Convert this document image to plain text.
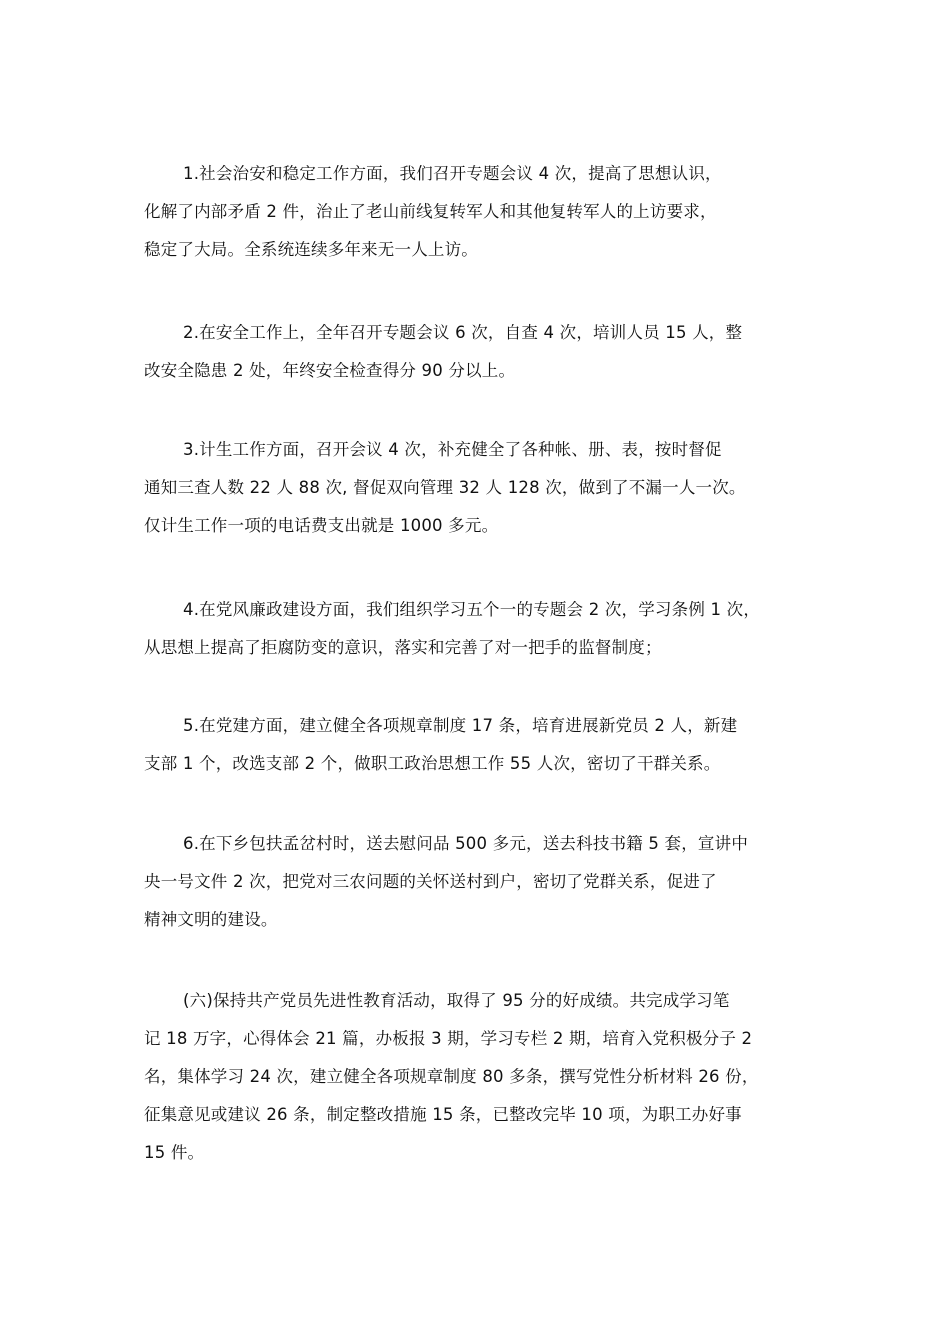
1.社会治安和稳定工作方面，我们召开专题会议 4 次，提高了思想认识，
化解了内部矛盾 2 件，治止了老山前线复转军人和其他复转军人的上访要求，
稳定了大局。全系统连续多年来无一人上访。
2.在安全工作上，全年召开专题会议 6 次，自查 4 次，培训人员 15 人，整
改安全隐患 2 处，年终安全检查得分 90 分以上。
3.计生工作方面，召开会议 4 次，补充健全了各种帐、册、表，按时督促
通知三查人数 22 人 88 次, 督促双向管理 32 人 128 次，做到了不漏一人一次。
仅计生工作一项的电话费支出就是 1000 多元。
4.在党风廉政建设方面，我们组织学习五个一的专题会 2 次，学习条例 1 次，
从思想上提高了拒腐防变的意识，落实和完善了对一把手的监督制度；
5.在党建方面，建立健全各项规章制度 17 条，培育进展新党员 2 人，新建
支部 1 个，改选支部 2 个，做职工政治思想工作 55 人次，密切了干群关系。
6.在下乡包扶孟岔村时，送去慰问品 500 多元，送去科技书籍 5 套，宣讲中
央一号文件 2 次，把党对三农问题的关怀送村到户，密切了党群关系，促进了
精神文明的建设。
(六)保持共产党员先进性教育活动，取得了 95 分的好成绩。共完成学习笔
记 18 万字，心得体会 21 篇，办板报 3 期，学习专栏 2 期，培育入党积极分子 2
名，集体学习 24 次，建立健全各项规章制度 80 多条，撰写党性分析材料 26 份，
征集意见或建议 26 条，制定整改措施 15 条，已整改完毕 10 项，为职工办好事
15 件。
